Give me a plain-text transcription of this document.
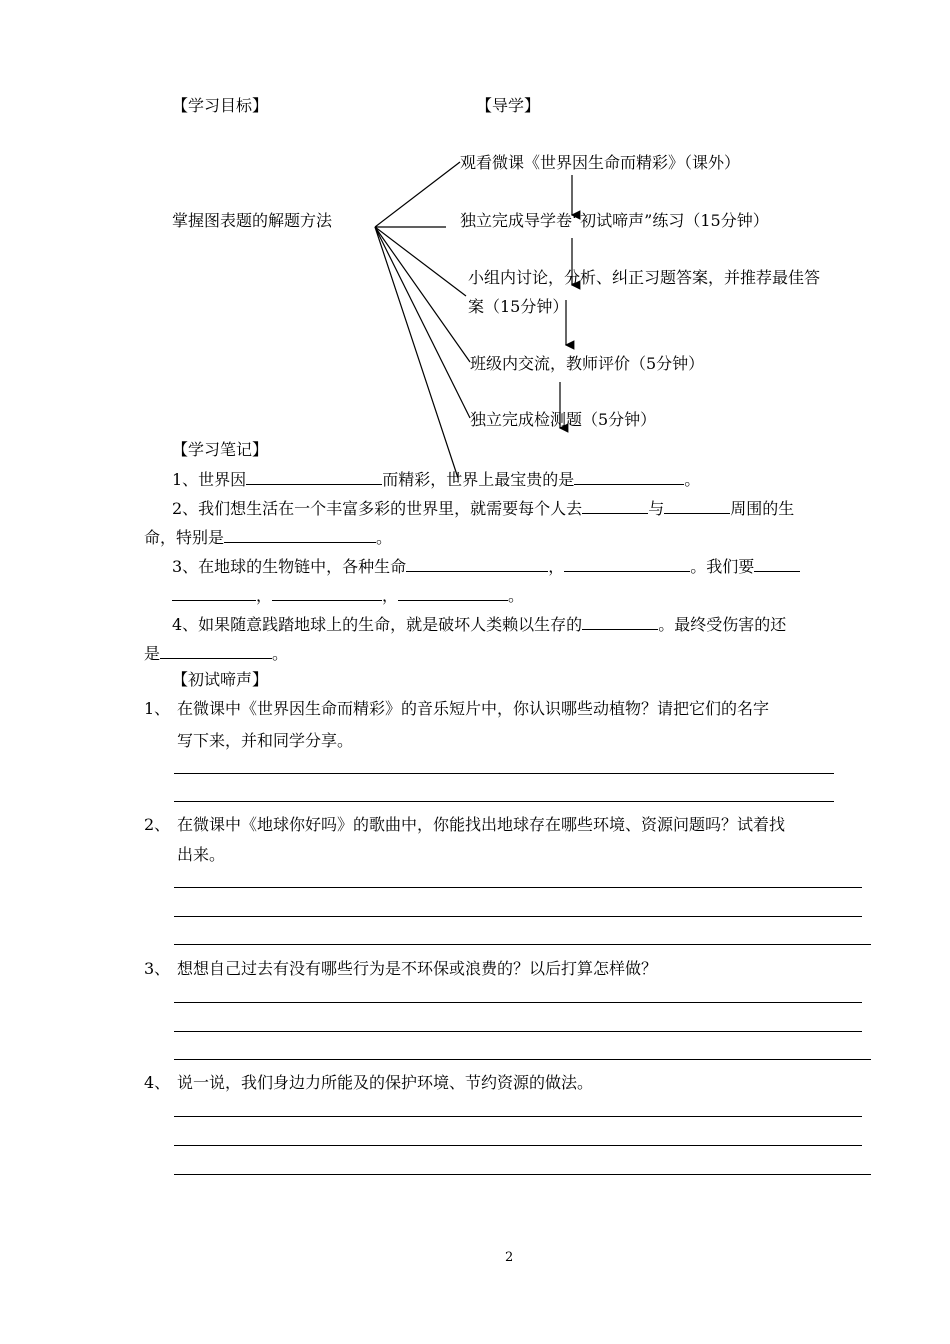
【学习目标】	【导学】
掌握图表题的解题方法
观看微课《世界因生命而精彩》（课外）
独立完成导学卷“初试啼声”练习（15分钟）
小组内讨论，分析、纠正习题答案，并推荐最佳答
案（15分钟）
班级内交流，教师评价（5分钟）
独立完成检测题（5分钟）
【学习笔记】
1、世界因	而精彩，世界上最宝贵的是	。
2、我们想生活在一个丰富多彩的世界里，就需要每个人去	与	周围的生
命，特别是	。
3、在地球的生物链中，各种生命	，	。我们要
，	，	。
4、如果随意践踏地球上的生命，就是破坏人类赖以生存的	。最终受伤害的还
是	。
【初试啼声】
1、 在微课中《世界因生命而精彩》的音乐短片中，你认识哪些动植物？请把它们的名字
写下来，并和同学分享。
2、 在微课中《地球你好吗》的歌曲中，你能找出地球存在哪些环境、资源问题吗？试着找
出来。
3、 想想自己过去有没有哪些行为是不环保或浪费的？以后打算怎样做？
4、 说一说，我们身边力所能及的保护环境、节约资源的做法。
2
